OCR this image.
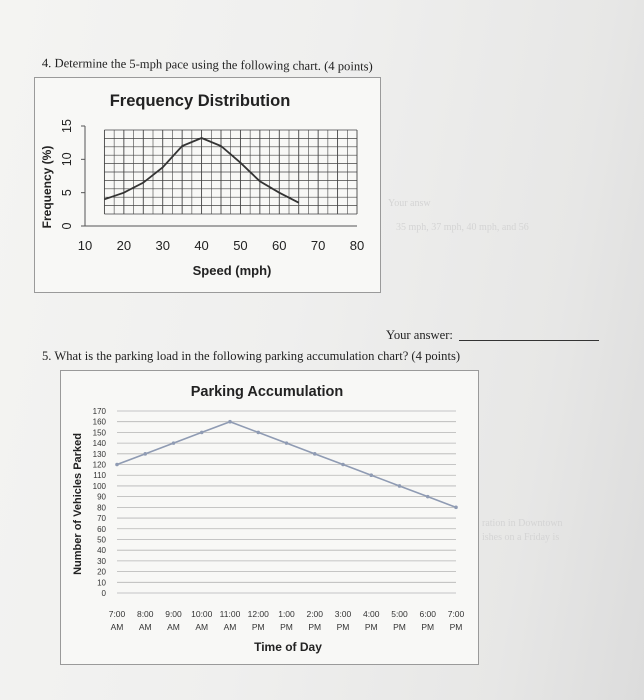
4. Determine the 5-mph pace using the following chart. (4 points)
Frequency Distribution
0
5
10
15
10 20 30 40 50 60 70 80
Speed (mph)
Frequency (%)	Your answ
35 mph, 37 mph, 40 mph, and 56
Your answer:
5. What is the parking load in the following parking accumulation chart? (4 points)
Parking Accumulation
0
10
20
30
40
50
60
70
80
90
100
110
120
130
140
150
160
170
7:00
AM
8:00
AM
9:00
AM
10:00
AM
11:00
AM
12:00
PM
1:00
PM
2:00
PM
3:00
PM
4:00
PM
5:00
PM
6:00
PM
7:00
PM
Time of Day
Number of Vehicles Parked	ration in Downtown
ishes on a Friday is
